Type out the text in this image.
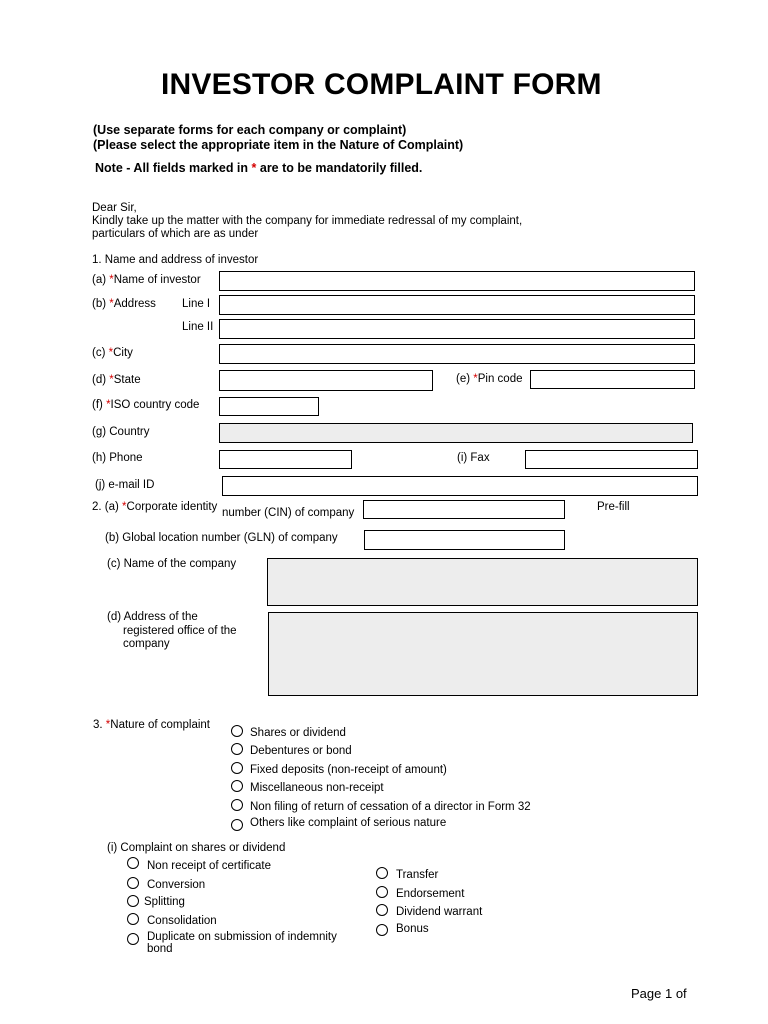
INVESTOR COMPLAINT FORM
(Use separate forms for each company or complaint)
(Please select the appropriate item in the Nature of Complaint)
Note - All fields marked in * are to be mandatorily filled.
Dear Sir,
Kindly take up the matter with the company for immediate redressal of my complaint,
particulars of which are as under
1. Name and address of investor
(a) *Name of investor
(b) *Address Line I
Line II
(c) *City
(d) *State	(e) *Pin code
(f) *ISO country code
(g) Country
(h) Phone	(i) Fax
(j) e-mail ID
2. (a) *Corporate identity number (CIN) of company	Pre-fill
(b) Global location number (GLN) of company
(c) Name of the company
(d) Address of the
registered office of the
company
3. *Nature of complaint
Shares or dividend
Debentures or bond
Fixed deposits (non-receipt of amount)
Miscellaneous non-receipt
Non filing of return of cessation of a director in Form 32
Others like complaint of serious nature
(i) Complaint on shares or dividend
Non receipt of certificate
Conversion
Splitting
Consolidation
Duplicate on submission of indemnity
bond
Transfer
Endorsement
Dividend warrant
Bonus
Page 1 of
